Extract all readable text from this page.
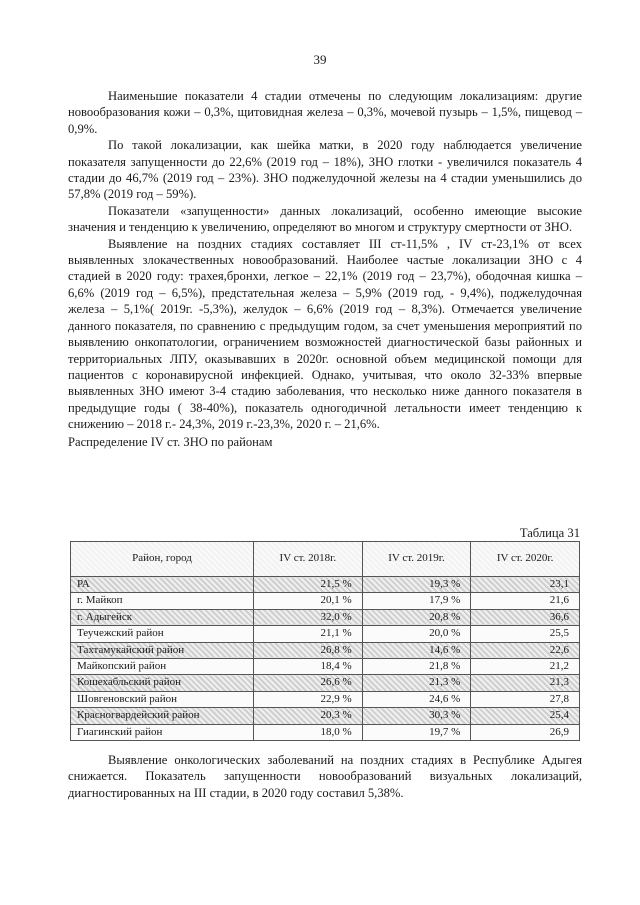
39

Наименьшие показатели 4 стадии отмечены по следующим локализациям: другие новообразования кожи – 0,3%, щитовидная железа – 0,3%, мочевой пузырь – 1,5%, пищевод – 0,9%.

По такой локализации, как шейка матки, в 2020 году наблюдается увеличение показателя запущенности до 22,6% (2019 год – 18%), ЗНО глотки - увеличился показатель 4 стадии до 46,7% (2019 год – 23%). ЗНО поджелудочной железы на 4 стадии уменьшились до 57,8% (2019 год – 59%).

Показатели «запущенности» данных локализаций, особенно имеющие высокие значения и тенденцию к увеличению, определяют во многом и структуру смертности от ЗНО.

Выявление на поздних стадиях составляет III ст-11,5% , IV ст-23,1% от всех выявленных злокачественных новообразований. Наиболее частые локализации ЗНО с 4 стадией в 2020 году: трахея,бронхи, легкое – 22,1% (2019 год – 23,7%), ободочная кишка – 6,6% (2019 год – 6,5%), предстательная железа – 5,9% (2019 год, - 9,4%), поджелудочная железа – 5,1%( 2019г. -5,3%), желудок – 6,6% (2019 год – 8,3%). Отмечается увеличение данного показателя, по сравнению с предыдущим годом, за счет уменьшения мероприятий по выявлению онкопатологии, ограничением возможностей диагностической базы районных и территориальных ЛПУ, оказывавших в 2020г. основной объем медицинской помощи для пациентов с коронавирусной инфекцией. Однако, учитывая, что около 32-33% впервые выявленных ЗНО имеют 3-4 стадию заболевания, что несколько ниже данного показателя в предыдущие годы ( 38-40%), показатель одногодичной летальности имеет тенденцию к снижению – 2018 г.- 24,3%, 2019 г.-23,3%, 2020 г. – 21,6%.

Распределение IV ст. ЗНО по районам

Таблица 31
Район, город	IV ст. 2018г.	IV ст. 2019г.	IV ст. 2020г.
РА	21,5 %	19,3 %	23,1
г. Майкоп	20,1 %	17,9 %	21,6
г. Адыгейск	32,0 %	20,8 %	36,6
Теучежский район	21,1 %	20,0 %	25,5
Тахтамукайский район	26,8 %	14,6 %	22,6
Майкопский район	18,4 %	21,8 %	21,2
Кошехабльский район	26,6 %	21,3 %	21,3
Шовгеновский район	22,9 %	24,6 %	27,8
Красногвардейский район	20,3 %	30,3 %	25,4
Гиагинский район	18,0 %	19,7 %	26,9

Выявление онкологических заболеваний на поздних стадиях в Республике Адыгея снижается. Показатель запущенности новообразований визуальных локализаций, диагностированных на III стадии, в 2020 году составил 5,38%.
